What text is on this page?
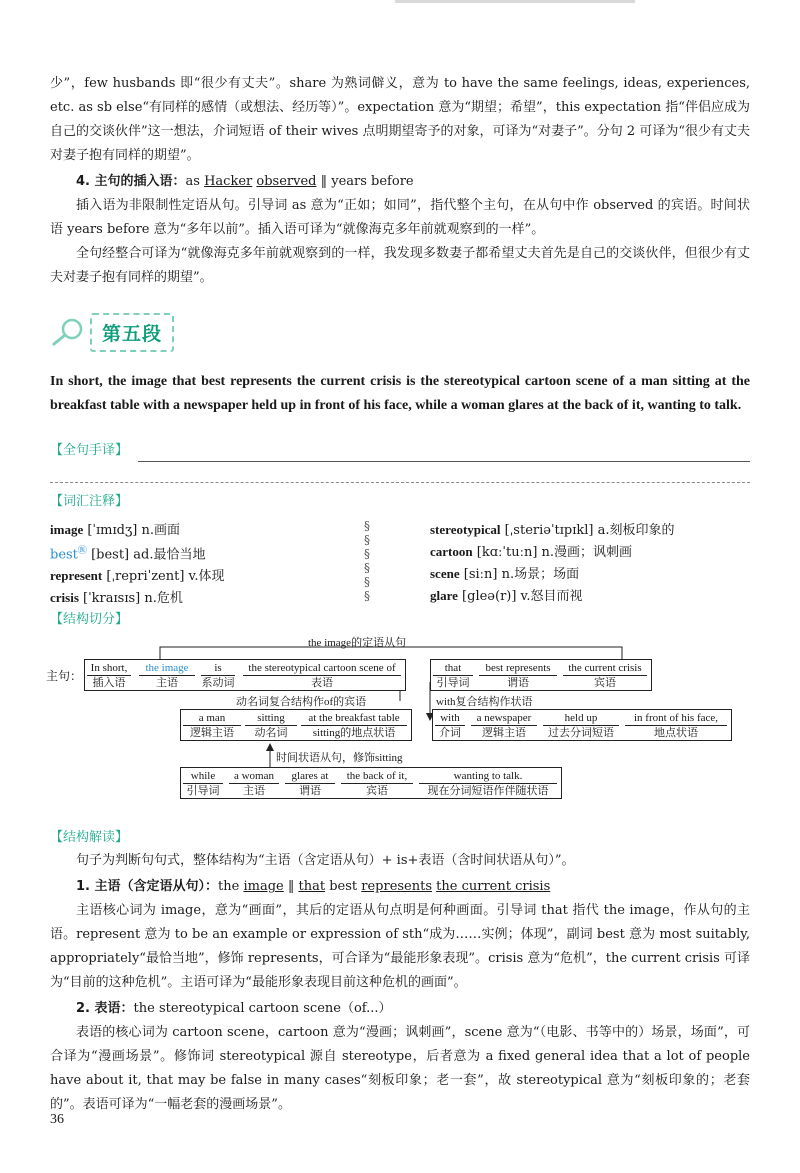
少”，few husbands 即“很少有丈夫”。share 为熟词僻义，意为 to have the same feelings, ideas, experiences, etc. as sb else“有同样的感情（或想法、经历等）”。expectation 意为“期望；希望”，this expectation 指“伴侣应成为自己的交谈伙伴”这一想法，介词短语 of their wives 点明期望寄予的对象，可译为“对妻子”。分句 2 可译为“很少有丈夫对妻子抱有同样的期望”。

4. 主句的插入语：as Hacker observed ‖ years before

插入语为非限制性定语从句。引导词 as 意为“正如；如同”，指代整个主句，在从句中作 observed 的宾语。时间状语 years before 意为“多年以前”。插入语可译为“就像海克多年前就观察到的一样”。

全句经整合可译为“就像海克多年前就观察到的一样，我发现多数妻子都希望丈夫首先是自己的交谈伙伴，但很少有丈夫对妻子抱有同样的期望”。

第五段

In short, the image that best represents the current crisis is the stereotypical cartoon scene of a man sitting at the breakfast table with a newspaper held up in front of his face, while a woman glares at the back of it, wanting to talk.

【全句手译】
【词汇注释】
image [ˈɪmɪdʒ] n.画面
best㊩ [best] ad.最恰当地
represent [ˌrepriˈzent] v.体现
crisis [ˈkraɪsɪs] n.危机
§
§
§
§
§
§
stereotypical [ˌsteriəˈtɪpɪkl] a.刻板印象的
cartoon [kɑːˈtuːn] n.漫画；讽刺画
scene [siːn] n.场景；场面
glare [gleə(r)] v.怒目而视
【结构切分】
主句：
the image的定语从句
In short,
插入语
the image
主语
is
系动词
the stereotypical cartoon scene of
表语
that
引导词
best represents
谓语
the current crisis
宾语
动名词复合结构作of的宾语	with复合结构作状语
a man
逻辑主语
sitting
动名词
at the breakfast table
sitting的地点状语
with
介词
a newspaper
逻辑主语
held up
过去分词短语
in front of his face,
地点状语
时间状语从句，修饰sitting
while
引导词
a woman
主语
glares at
谓语
the back of it,
宾语
wanting to talk.
现在分词短语作伴随状语
【结构解读】

句子为判断句句式，整体结构为“主语（含定语从句）+ is+表语（含时间状语从句）”。

1. 主语（含定语从句）：the image ‖ that best represents the current crisis

主语核心词为 image，意为“画面”，其后的定语从句点明是何种画面。引导词 that 指代 the image，作从句的主语。represent 意为 to be an example or expression of sth“成为……实例；体现”，副词 best 意为 most suitably, appropriately“最恰当地”，修饰 represents，可合译为“最能形象表现”。crisis 意为“危机”，the current crisis 可译为“目前的这种危机”。主语可译为“最能形象表现目前这种危机的画面”。

2. 表语：the stereotypical cartoon scene（of...）

表语的核心词为 cartoon scene，cartoon 意为“漫画；讽刺画”，scene 意为“（电影、书等中的）场景，场面”，可合译为“漫画场景”。修饰词 stereotypical 源自 stereotype，后者意为 a fixed general idea that a lot of people have about it, that may be false in many cases“刻板印象；老一套”，故 stereotypical 意为“刻板印象的；老套的”。表语可译为“一幅老套的漫画场景”。

36
